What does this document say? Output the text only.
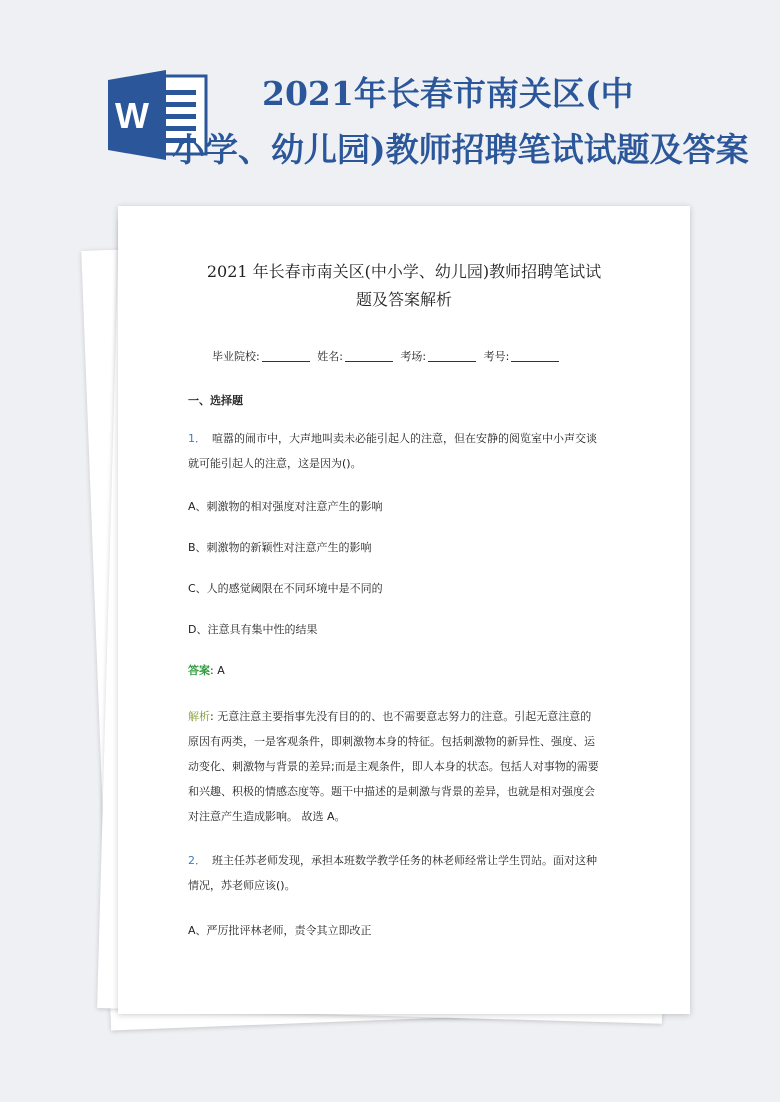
W
2021年长春市南关区(中
小学、幼儿园)教师招聘笔试试题及答案
2021 年长春市南关区(中小学、幼儿园)教师招聘笔试试
题及答案解析
毕业院校:	姓名:	考场:	考号:
一、选择题
1． 喧嚣的闹市中，大声地叫卖未必能引起人的注意，但在安静的阅览室中小声交谈
就可能引起人的注意，这是因为()。
A、刺激物的相对强度对注意产生的影响
B、刺激物的新颖性对注意产生的影响
C、人的感觉阈限在不同环境中是不同的
D、注意具有集中性的结果
答案: A
解析: 无意注意主要指事先没有目的的、也不需要意志努力的注意。引起无意注意的
原因有两类，一是客观条件，即刺激物本身的特征。包括刺激物的新异性、强度、运
动变化、刺激物与背景的差异;而是主观条件，即人本身的状态。包括人对事物的需要
和兴趣、积极的情感态度等。题干中描述的是刺激与背景的差异，也就是相对强度会
对注意产生造成影响。 故选 A。
2． 班主任苏老师发现，承担本班数学教学任务的林老师经常让学生罚站。面对这种
情况，苏老师应该()。
A、严厉批评林老师，责令其立即改正
